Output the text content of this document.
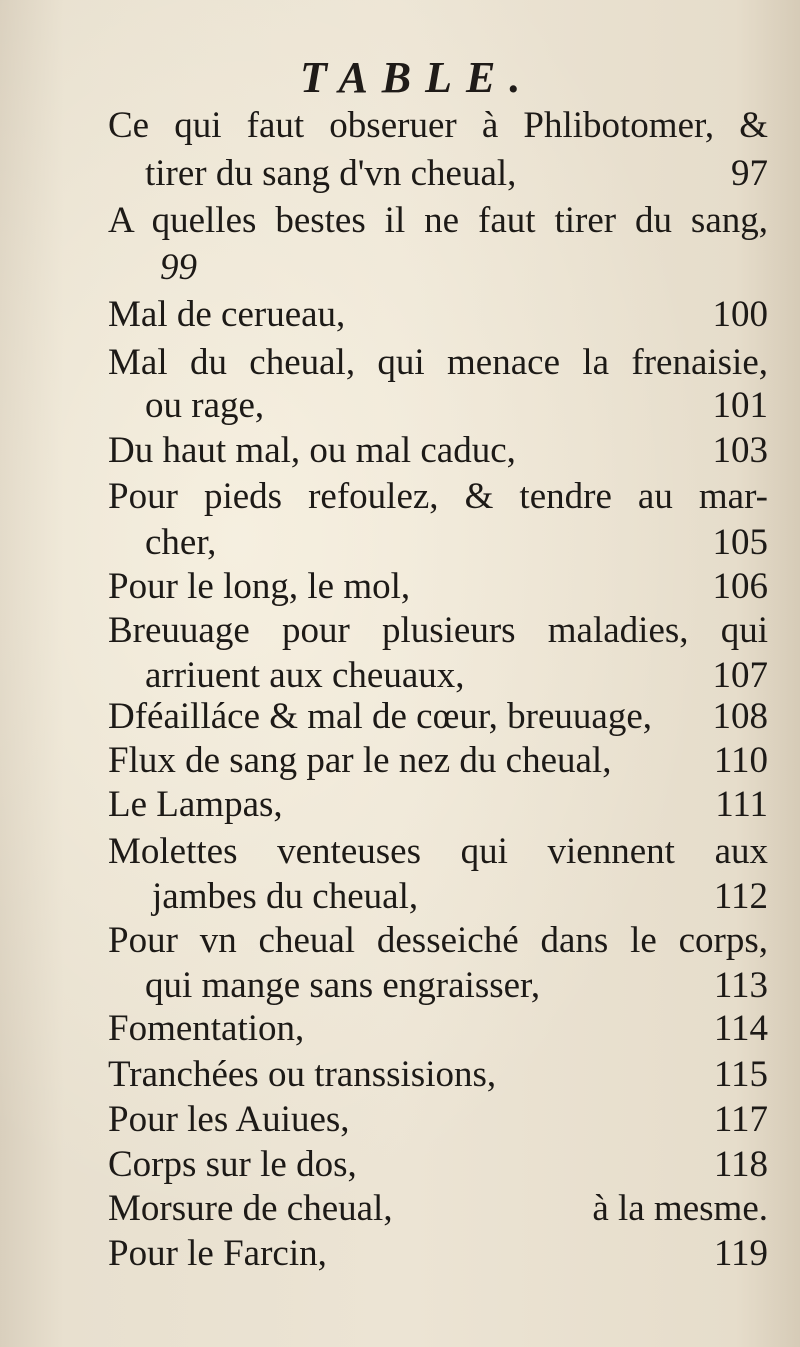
TABLE.
Ce qui faut obseruer à Phlibotomer, &
tirer du sang d'vn cheual,	97
A quelles bestes il ne faut tirer du sang,
99
Mal de cerueau,	100
Mal du cheual, qui menace la frenaisie,
ou rage,	101
Du haut mal, ou mal caduc,	103
Pour pieds refoulez, & tendre au mar-
cher,	105
Pour le long, le mol,	106
Breuuage pour plusieurs maladies, qui
arriuent aux cheuaux,	107
Dféailláce & mal de cœur, breuuage, 108
Flux de sang par le nez du cheual,	110
Le Lampas,	111
Molettes venteuses qui viennent aux
jambes du cheual,	112
Pour vn cheual desseiché dans le corps,
qui mange sans engraisser,	113
Fomentation,	114
Tranchées ou transsisions,	115
Pour les Auiues,	117
Corps sur le dos,	118
Morsure de cheual,	à la mesme.
Pour le Farcin,	119
